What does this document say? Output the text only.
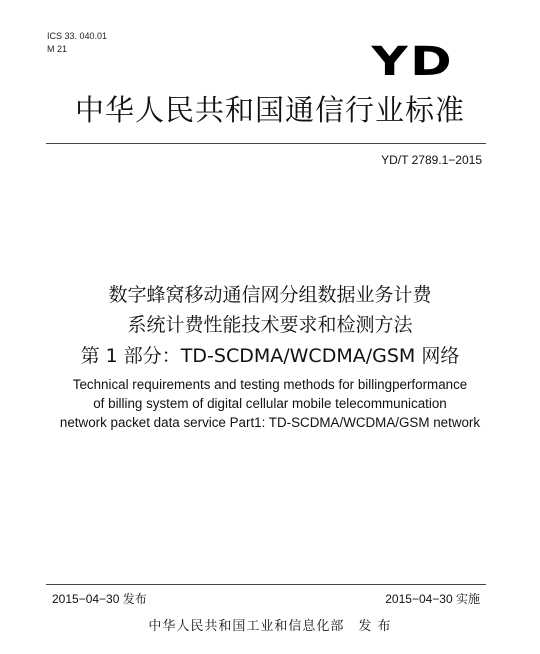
ICS 33. 040.01
M 21	YD
中华人民共和国通信行业标准
YD/T 2789.1−2015
数字蜂窝移动通信网分组数据业务计费
系统计费性能技术要求和检测方法
第 1 部分：TD-SCDMA/WCDMA/GSM 网络
Technical requirements and testing methods for billingperformance
of billing system of digital cellular mobile telecommunication
network packet data service Part1: TD-SCDMA/WCDMA/GSM network
2015−04−30 发布	2015−04−30 实施
中华人民共和国工业和信息化部　发 布
